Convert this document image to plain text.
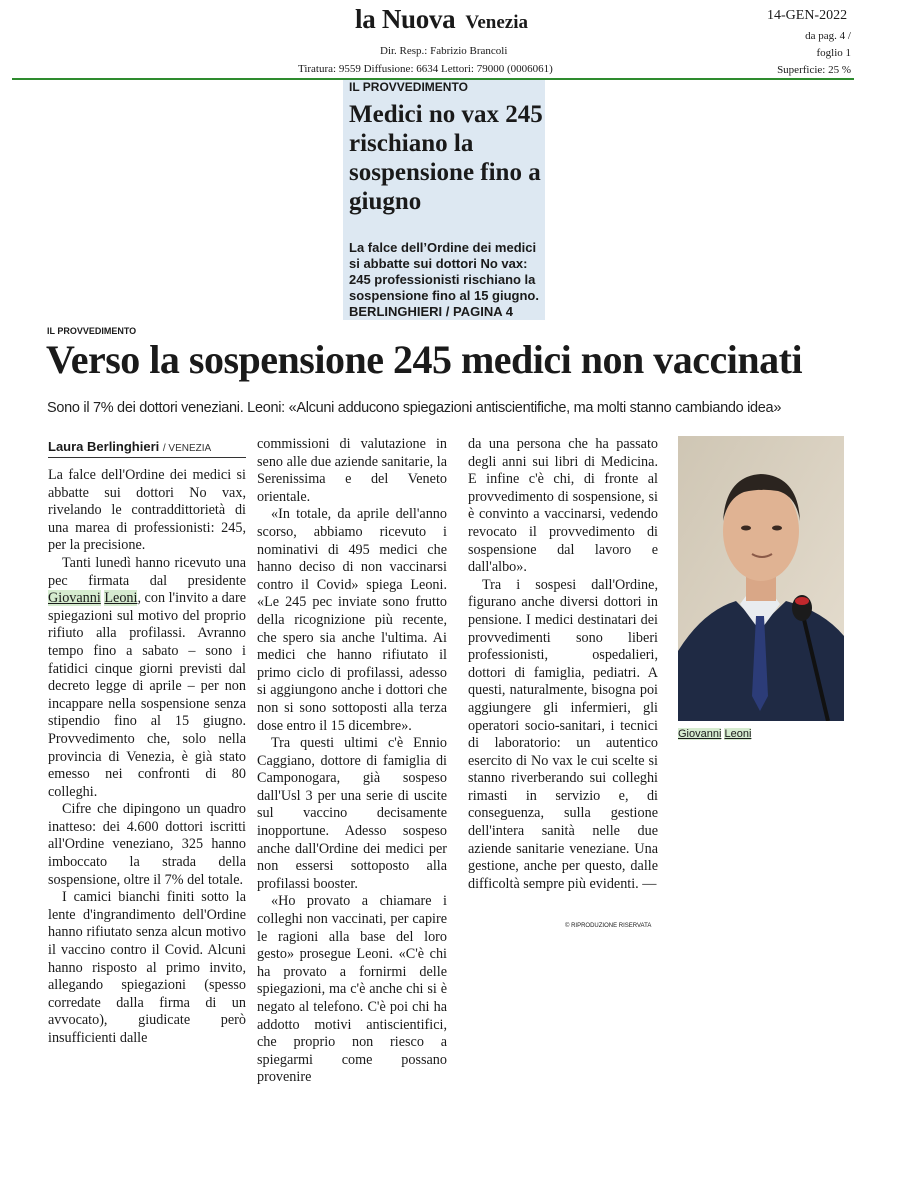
la Nuova Venezia
Dir. Resp.: Fabrizio Brancoli
Tiratura: 9559 Diffusione: 6634 Lettori: 79000 (0006061)
14-GEN-2022
da pag. 4 /
foglio 1
Superficie: 25 %
IL PROVVEDIMENTO
Medici no vax 245 rischiano la sospensione fino a giugno
La falce dell’Ordine dei medici si abbatte sui dottori No vax: 245 professionisti rischiano la sospensione fino al 15 giugno.
BERLINGHIERI / PAGINA 4
IL PROVVEDIMENTO
Verso la sospensione 245 medici non vaccinati
Sono il 7% dei dottori veneziani. Leoni: «Alcuni adducono spiegazioni antiscientifiche, ma molti stanno cambiando idea»
Laura Berlinghieri / VENEZIA

La falce dell'Ordine dei medici si abbatte sui dottori No vax, rivelando le contraddittorietà di una marea di professionisti: 245, per la precisione.

Tanti lunedì hanno ricevuto una pec firmata dal presidente Giovanni Leoni, con l'invito a dare spiegazioni sul motivo del proprio rifiuto alla profilassi. Avranno tempo fino a sabato – sono i fatidici cinque giorni previsti dal decreto legge di aprile – per non incappare nella sospensione senza stipendio fino al 15 giugno. Provvedimento che, solo nella provincia di Venezia, è già stato emesso nei confronti di 80 colleghi.

Cifre che dipingono un quadro inatteso: dei 4.600 dottori iscritti all'Ordine veneziano, 325 hanno imboccato la strada della sospensione, oltre il 7% del totale.

I camici bianchi finiti sotto la lente d'ingrandimento dell'Ordine hanno rifiutato senza alcun motivo il vaccino contro il Covid. Alcuni hanno risposto al primo invito, allegando spiegazioni (spesso corredate dalla firma di un avvocato), giudicate però insufficienti dalle

commissioni di valutazione in seno alle due aziende sanitarie, la Serenissima e del Veneto orientale.

«In totale, da aprile dell'anno scorso, abbiamo ricevuto i nominativi di 495 medici che hanno deciso di non vaccinarsi contro il Covid» spiega Leoni. «Le 245 pec inviate sono frutto della ricognizione più recente, che spero sia anche l'ultima. Ai medici che hanno rifiutato il primo ciclo di profilassi, adesso si aggiungono anche i dottori che non si sono sottoposti alla terza dose entro il 15 dicembre».

Tra questi ultimi c'è Ennio Caggiano, dottore di famiglia di Camponogara, già sospeso dall'Usl 3 per una serie di uscite sul vaccino decisamente inopportune. Adesso sospeso anche dall'Ordine dei medici per non essersi sottoposto alla profilassi booster.

«Ho provato a chiamare i colleghi non vaccinati, per capire le ragioni alla base del loro gesto» prosegue Leoni. «C'è chi ha provato a fornirmi delle spiegazioni, ma c'è anche chi si è negato al telefono. C'è poi chi ha addotto motivi antiscientifici, che proprio non riesco a spiegarmi come possano provenire

da una persona che ha passato degli anni sui libri di Medicina. E infine c'è chi, di fronte al provvedimento di sospensione, si è convinto a vaccinarsi, vedendo revocato il provvedimento di sospensione dal lavoro e dall'albo».

Tra i sospesi dall'Ordine, figurano anche diversi dottori in pensione. I medici destinatari dei provvedimenti sono liberi professionisti, ospedalieri, dottori di famiglia, pediatri. A questi, naturalmente, bisogna poi aggiungere gli infermieri, gli operatori socio-sanitari, i tecnici di laboratorio: un autentico esercito di No vax le cui scelte si stanno riverberando sui colleghi rimasti in servizio e, di conseguenza, sulla gestione dell'intera sanità nelle due aziende sanitarie veneziane. Una gestione, anche per questo, dalle difficoltà sempre più evidenti. —

Giovanni Leoni
© RIPRODUZIONE RISERVATA
